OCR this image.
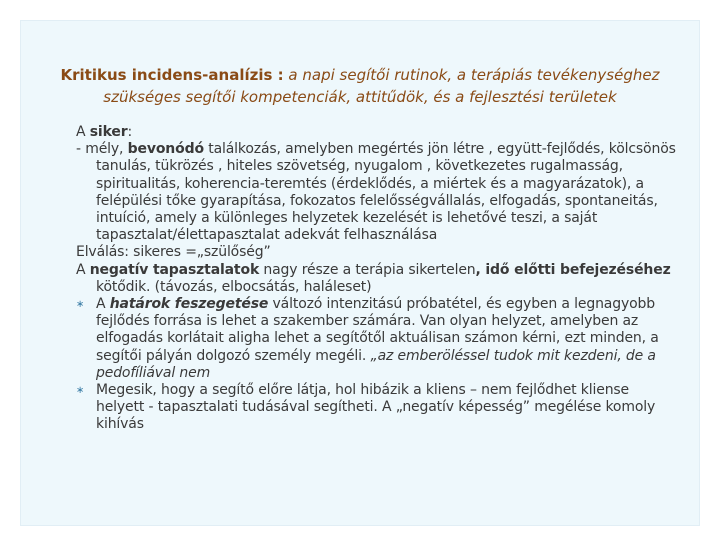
Kritikus incidens-analízis : a napi segítői rutinok, a terápiás tevékenységhez szükséges segítői kompetenciák, attitűdök, és a fejlesztési területek

A siker:

- mély, bevonódó találkozás, amelyben megértés jön létre , együtt-fejlődés, kölcsönös tanulás, tükrözés , hiteles szövetség, nyugalom , következetes rugalmasság, spiritualitás, koherencia-teremtés (érdeklődés, a miértek és a magyarázatok), a felépülési tőke gyarapítása, fokozatos felelősségvállalás, elfogadás, spontaneitás, intuíció, amely a különleges helyzetek kezelését is lehetővé teszi, a saját tapasztalat/élettapasztalat adekvát felhasználása

Elválás: sikeres =„szülőség”

A negatív tapasztalatok nagy része a terápia sikertelen, idő előtti befejezéséhez kötődik. (távozás, elbocsátás, haláleset)

∗ A határok feszegetése változó intenzitású próbatétel, és egyben a legnagyobb fejlődés forrása is lehet a szakember számára. Van olyan helyzet, amelyben az elfogadás korlátait aligha lehet a segítőtől aktuálisan számon kérni, ezt minden, a segítői pályán dolgozó személy megéli. „az emberöléssel tudok mit kezdeni, de a pedofíliával nem

∗ Megesik, hogy a segítő előre látja, hol hibázik a kliens – nem fejlődhet kliense helyett - tapasztalati tudásával segítheti. A „negatív képesség” megélése komoly kihívás
